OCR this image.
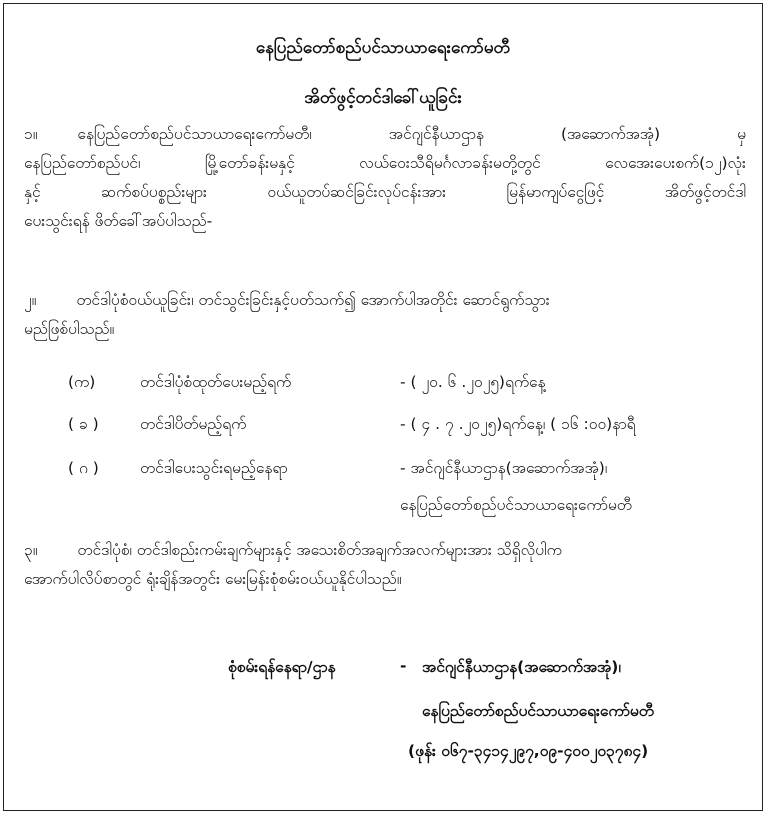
နေပြည်တော်စည်ပင်သာယာရေးကော်မတီ
အိတ်ဖွင့်တင်ဒါခေါ်ယူခြင်း
၁။	နေပြည်တော်စည်ပင်သာယာရေးကော်မတီ၊ အင်ဂျင်နီယာဌာန (အဆောက်အအုံ) မှ
နေပြည်တော်စည်ပင်၊ မြို့တော်ခန်းမနှင့် လယ်ဝေးသီရိမင်္ဂလာခန်းမတို့တွင် လေအေးပေးစက်(၁၂)လုံး
နှင့် ဆက်စပ်ပစ္စည်းများ ဝယ်ယူတပ်ဆင်ခြင်းလုပ်ငန်းအား မြန်မာကျပ်ငွေဖြင့် အိတ်ဖွင့်တင်ဒါ
ပေးသွင်းရန် ဖိတ်ခေါ်အပ်ပါသည်-
၂။	တင်ဒါပုံစံဝယ်ယူခြင်း၊ တင်သွင်းခြင်းနှင့်ပတ်သက်၍ အောက်ပါအတိုင်း ဆောင်ရွက်သွား
မည်ဖြစ်ပါသည်။
(က)	တင်ဒါပုံစံထုတ်ပေးမည့်ရက်	- ( ၂၀. ၆ .၂၀၂၅)ရက်နေ့
( ခ )	တင်ဒါပိတ်မည့်ရက်	- ( ၄ . ၇ .၂၀၂၅)ရက်နေ့၊ ( ၁၆ :၀၀)နာရီ
( ဂ )	တင်ဒါပေးသွင်းရမည့်နေရာ	- အင်ဂျင်နီယာဌာန(အဆောက်အအုံ)၊
နေပြည်တော်စည်ပင်သာယာရေးကော်မတီ
၃။	တင်ဒါပုံစံ၊ တင်ဒါစည်းကမ်းချက်များနှင့် အသေးစိတ်အချက်အလက်များအား သိရှိလိုပါက
အောက်ပါလိပ်စာတွင် ရုံးချိန်အတွင်း မေးမြန်းစုံစမ်းဝယ်ယူနိုင်ပါသည်။
စုံစမ်းရန်နေရာ/ဌာန	- အင်ဂျင်နီယာဌာန(အဆောက်အအုံ)၊
နေပြည်တော်စည်ပင်သာယာရေးကော်မတီ
(ဖုန်း ၀၆၇-၃၄၁၄၂၉၇,၀၉-၄၀၀၂၀၃၇၈၄)
